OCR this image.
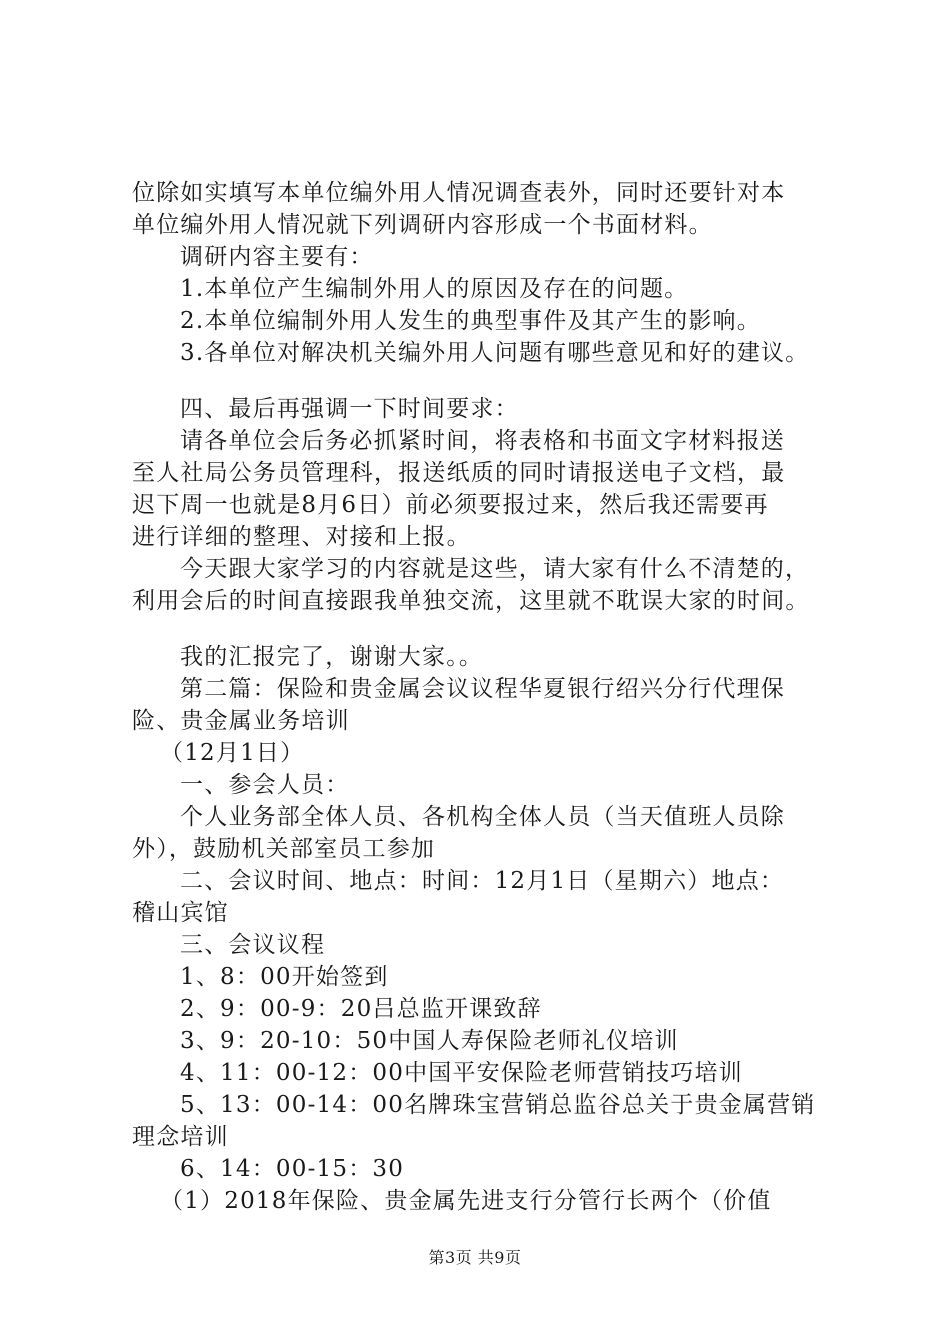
位除如实填写本单位编外用人情况调查表外，同时还要针对本
单位编外用人情况就下列调研内容形成一个书面材料。
调研内容主要有：
1.本单位产生编制外用人的原因及存在的问题。
2.本单位编制外用人发生的典型事件及其产生的影响。
3.各单位对解决机关编外用人问题有哪些意见和好的建议。
四、最后再强调一下时间要求：
请各单位会后务必抓紧时间，将表格和书面文字材料报送
至人社局公务员管理科，报送纸质的同时请报送电子文档，最
迟下周一也就是8月6日）前必须要报过来，然后我还需要再
进行详细的整理、对接和上报。
今天跟大家学习的内容就是这些，请大家有什么不清楚的，
利用会后的时间直接跟我单独交流，这里就不耽误大家的时间。
我的汇报完了，谢谢大家。。
第二篇：保险和贵金属会议议程华夏银行绍兴分行代理保
险、贵金属业务培训
（12月1日）
一、参会人员：
个人业务部全体人员、各机构全体人员（当天值班人员除
外），鼓励机关部室员工参加
二、会议时间、地点：时间：12月1日（星期六）地点：
稽山宾馆
三、会议议程
1、8：00开始签到
2、9：00-9：20吕总监开课致辞
3、9：20-10：50中国人寿保险老师礼仪培训
4、11：00-12：00中国平安保险老师营销技巧培训
5、13：00-14：00名牌珠宝营销总监谷总关于贵金属营销
理念培训
6、14：00-15：30
（1）2018年保险、贵金属先进支行分管行长两个（价值
第3页 共9页
